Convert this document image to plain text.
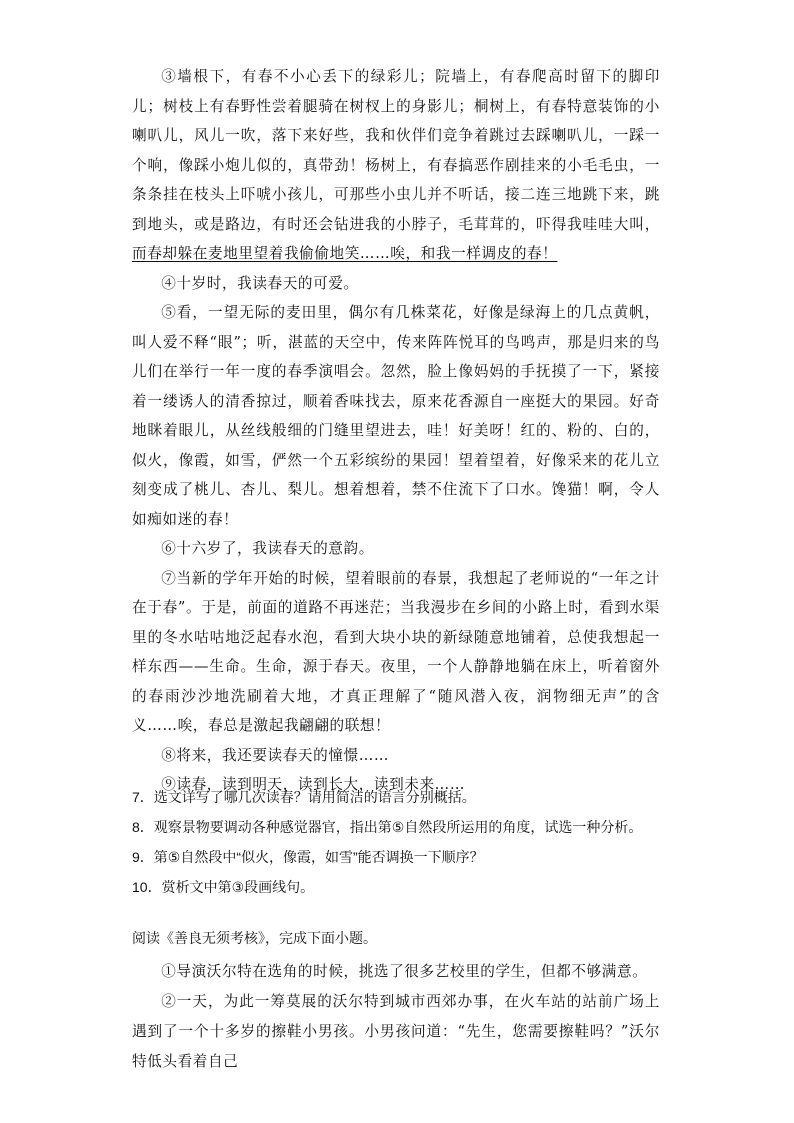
③墙根下，有春不小心丢下的绿彩儿；院墙上，有春爬高时留下的脚印儿；树枝上有春野性尝着腿骑在树杈上的身影儿；桐树上，有春特意装饰的小喇叭儿，风儿一吹，落下来好些，我和伙伴们竞争着跳过去踩喇叭儿，一踩一个响，像踩小炮儿似的，真带劲！杨树上，有春搞恶作剧挂来的小毛毛虫，一条条挂在枝头上吓唬小孩儿，可那些小虫儿并不听话，接二连三地跳下来，跳到地头，或是路边，有时还会钻进我的小脖子，毛茸茸的，吓得我哇哇大叫，而春却躲在麦地里望着我偷偷地笑……唉，和我一样调皮的春！

④十岁时，我读春天的可爱。

⑤看，一望无际的麦田里，偶尔有几株菜花，好像是绿海上的几点黄帆，叫人爱不释“眼”；听，湛蓝的天空中，传来阵阵悦耳的鸟鸣声，那是归来的鸟儿们在举行一年一度的春季演唱会。忽然，脸上像妈妈的手抚摸了一下，紧接着一缕诱人的清香掠过，顺着香味找去，原来花香源自一座挺大的果园。好奇地眯着眼儿，从丝线般细的门缝里望进去，哇！好美呀！红的、粉的、白的，似火，像霞，如雪，俨然一个五彩缤纷的果园！望着望着，好像采来的花儿立刻变成了桃儿、杏儿、梨儿。想着想着，禁不住流下了口水。馋猫！啊，令人如痴如迷的春！

⑥十六岁了，我读春天的意韵。

⑦当新的学年开始的时候，望着眼前的春景，我想起了老师说的“一年之计在于春”。于是，前面的道路不再迷茫；当我漫步在乡间的小路上时，看到水渠里的冬水咕咕地泛起春水泡，看到大块小块的新绿随意地铺着，总使我想起一样东西——生命。生命，源于春天。夜里，一个人静静地躺在床上，听着窗外的春雨沙沙地洗刷着大地，才真正理解了“随风潜入夜，润物细无声”的含义……唉，春总是激起我翩翩的联想！

⑧将来，我还要读春天的憧憬……

⑨读春，读到明天，读到长大，读到未来……

7．选文详写了哪几次读春？请用简洁的语言分别概括。

8．观察景物要调动各种感觉器官，指出第⑤自然段所运用的角度，试选一种分析。

9．第⑤自然段中“似火，像霞，如雪”能否调换一下顺序？

10．赏析文中第③段画线句。

阅读《善良无须考核》，完成下面小题。

①导演沃尔特在选角的时候，挑选了很多艺校里的学生，但都不够满意。

②一天，为此一筹莫展的沃尔特到城市西郊办事，在火车站的站前广场上遇到了一个十多岁的擦鞋小男孩。小男孩问道：“先生，您需要擦鞋吗？”沃尔特低头看着自己
